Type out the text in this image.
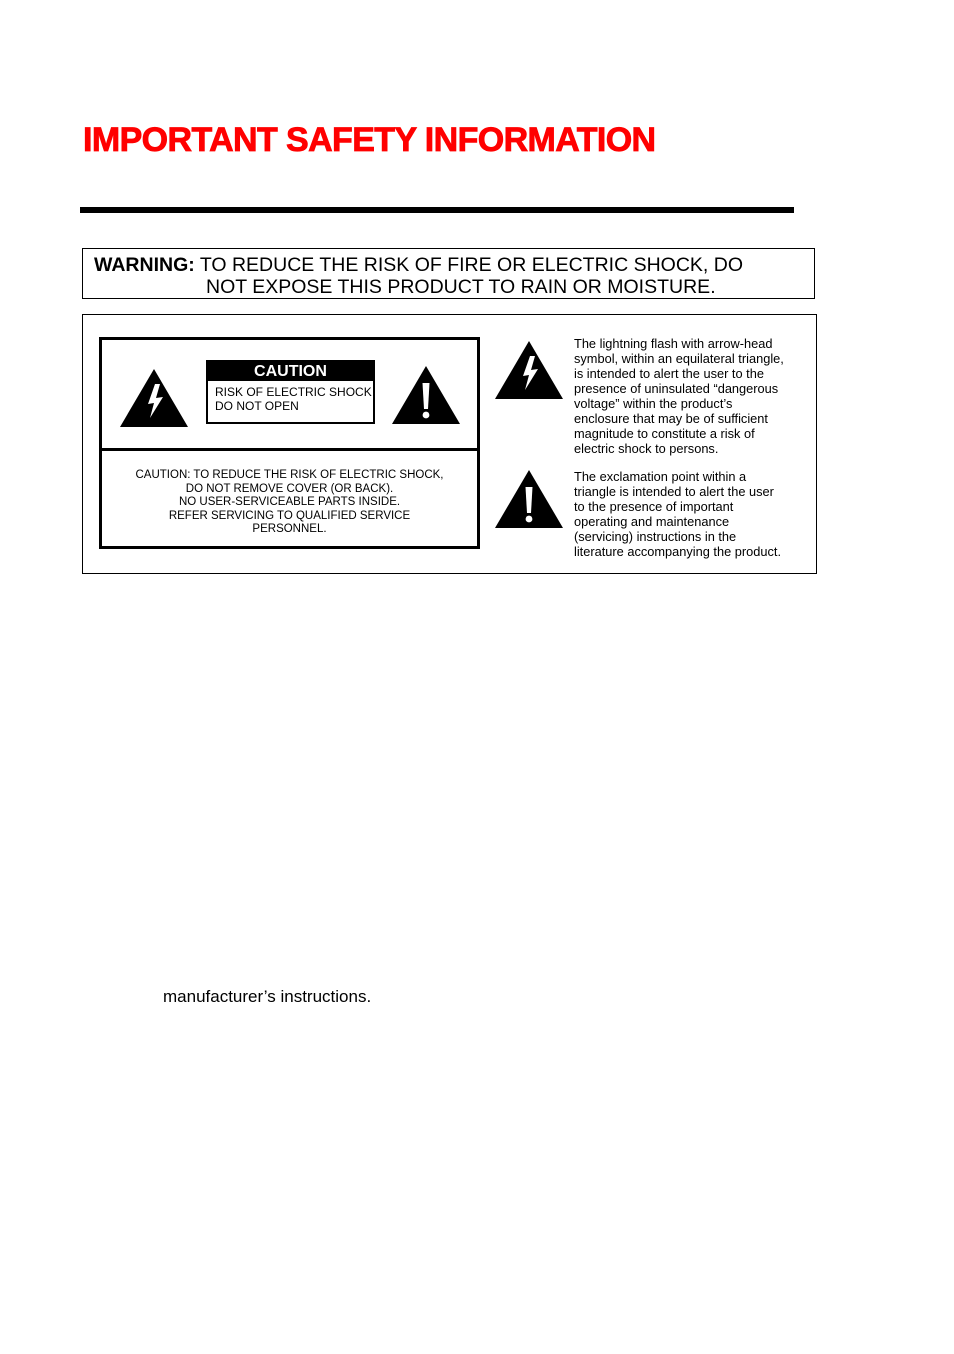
IMPORTANT SAFETY INFORMATION
WARNING: TO REDUCE THE RISK OF FIRE OR ELECTRIC SHOCK, DO
NOT EXPOSE THIS PRODUCT TO RAIN OR MOISTURE.
CAUTION
RISK OF ELECTRIC SHOCK
DO NOT OPEN
CAUTION: TO REDUCE THE RISK OF ELECTRIC SHOCK,
DO NOT REMOVE COVER (OR BACK).
NO USER-SERVICEABLE PARTS INSIDE.
REFER SERVICING TO QUALIFIED SERVICE
PERSONNEL.
The lightning flash with arrow-head
symbol, within an equilateral triangle,
is intended to alert the user to the
presence of uninsulated “dangerous
voltage” within the product’s
enclosure that may be of sufficient
magnitude to constitute a risk of
electric shock to persons.
The exclamation point within a
triangle is intended to alert the user
to the presence of important
operating and maintenance
(servicing) instructions in the
literature accompanying the product.
manufacturer’s instructions.
